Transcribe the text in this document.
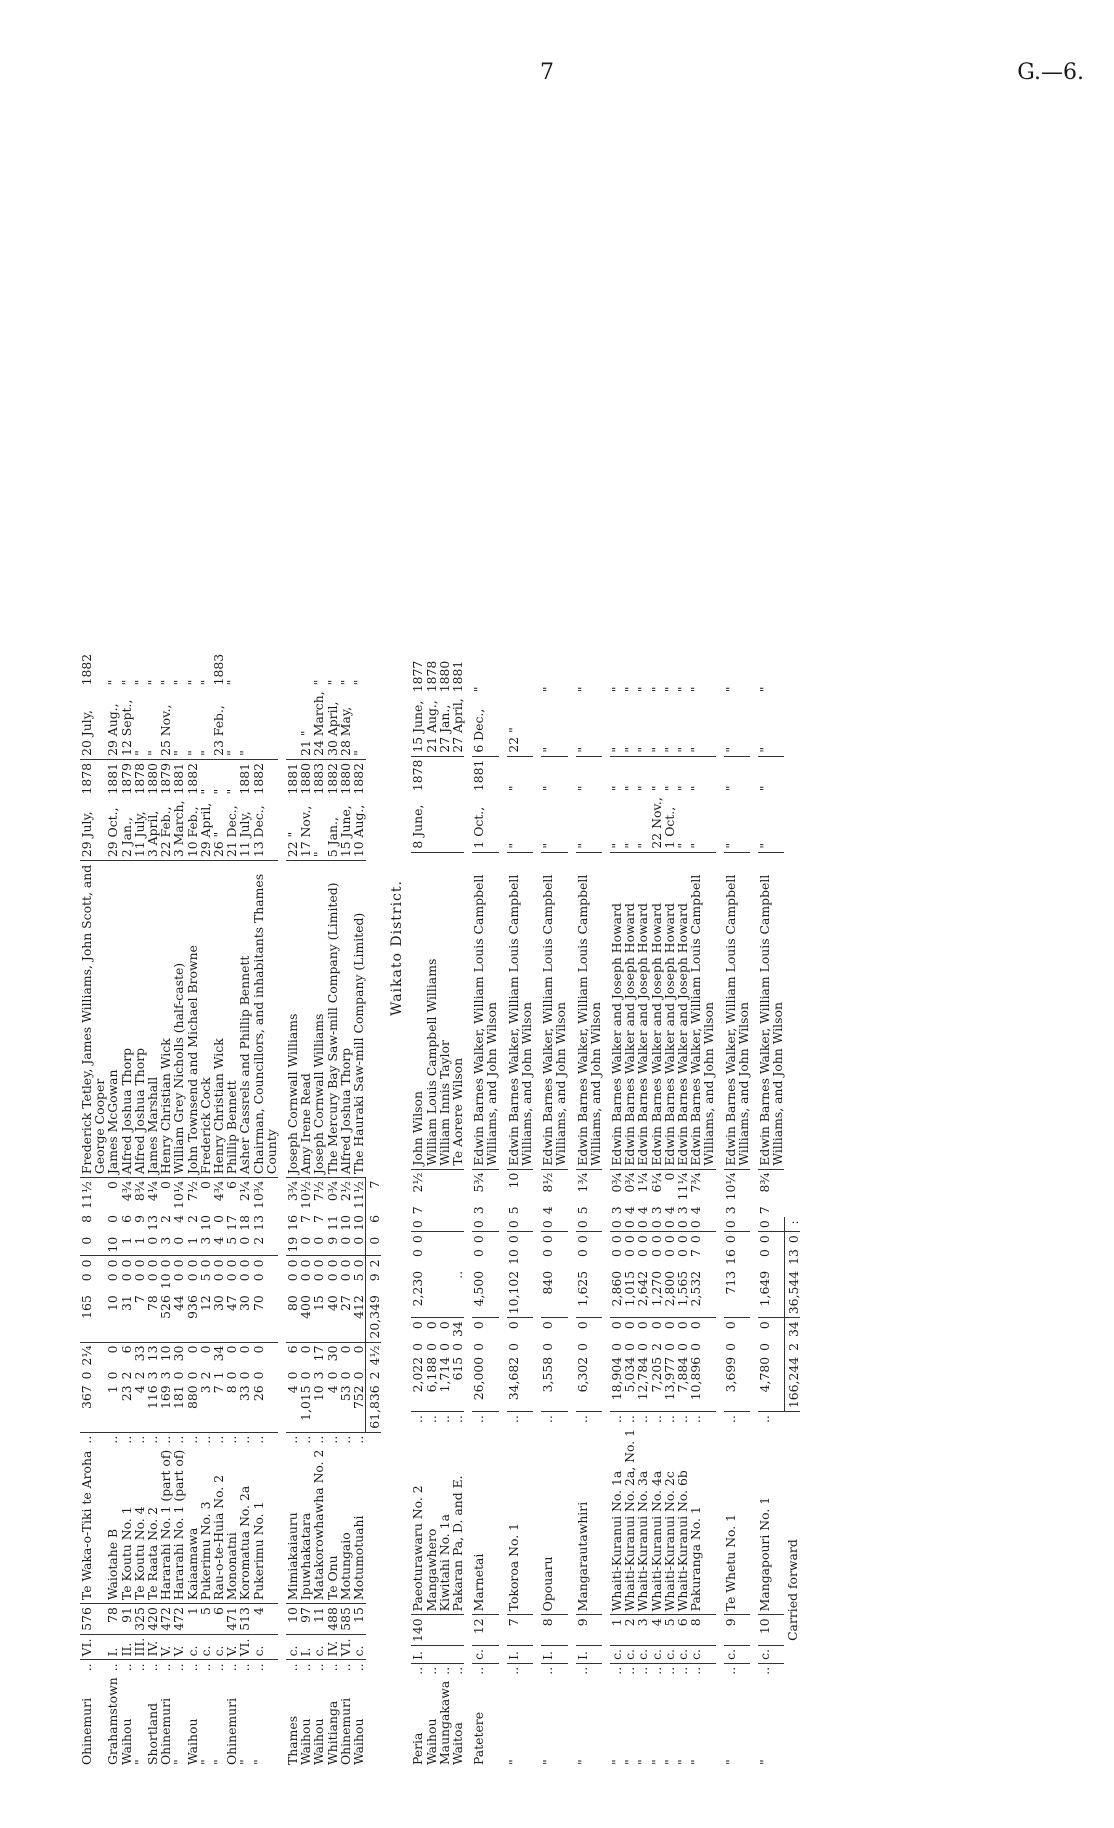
7	G.—6.
Ohinemuri	..	VI.	576	Te Waka-o-Tiki te Aroha	..	367	0	2¼	165	0	0	0	8	11½	Frederick Tetley, James Williams, John Scott, and George Cooper	29 July,	1878	20 July,	1882
Grahamstown	..	I.	78	Waiotahe B	..	1	0	0	10	0	0	10	0	0	James McGowan	29 Oct.,	1881	29 Aug.,	"
Waihou	..	II.	91	Te Koutu No. 1	..	23	2	6	31	0	0	1	6	4¾	Alfred Joshua Thorp	2 Jan.,	1879	12 Sept.,	"
"	..	III.	325	Te Koutu No. 4	..	4	2	33	7	0	0	1	9	8¾	Alfred Joshua Thorp	11 July,	1878	"	"
Shortland	..	IV.	420	Te Raata No. 2	..	116	3	13	78	0	0	0	13	4¼	James Marshall	3 April,	1880	"	"
Ohinemuri	..	V.	472	Hararahi No. 1 (part of)	..	169	3	10	526	10	0	3	2	0	Henry Christian Wick	22 Feb.,	1879	25 Nov.,	"
"	..	V.	472	Hararahi No. 1 (part of)	..	181	0	30	44	0	0	0	4	10¼	William Grey Nicholls (half-caste)	3 March,	1881	"	"
Waihou	..	c.	1	Kaiaamawa	..	880	0	0	936	0	0	1	2	7½	John Townsend and Michael Browne	10 Feb.,	1882	"	"
"	..	c.	5	Pukerimu No. 3	..	3	2	0	12	5	0	3	10	0	Frederick Cock	29 April,	"	"	"
"	..	c.	6	Rau-o-te-Huia No. 2	..	7	1	34	30	0	0	4	0	4¾	Henry Christian Wick	26 "	"	23 Feb.,	1883
Ohinemuri	..	V.	471	Mononatni	..	8	0	0	47	0	0	5	17	6	Phillip Bennett	21 Dec.,	"	"	"
"	..	VI.	513	Koromatua No. 2a	..	33	0	0	30	0	0	0	18	2¼	Asher Cassrels and Phillip Bennett	11 July,	1881	"	
"	..	c.	4	Pukerimu No. 1	..	26	0	0	70	0	0	2	13	10¾	Chairman, Councillors, and inhabitants Thames County	13 Dec.,	1882		

Thames	..	c.	10	Mimiakaiauru	..	4	0	6	80	0	0	19	16	3¾	Joseph Cornwall Williams	22 "	1881		
Waihou	..	I.	97	Ipuwhakatara	..	1,015	0	0	400	0	0	0	7	10½	Amy Irene Read	17 Nov.,	1880	21 "	
Waihou	..	c.	11	Matakorowhawha No. 2	..	10	3	17	15	0	0	0	7	7½	Joseph Cornwall Williams	"	1883	24 March,	"
Whitianga	..	IV.	488	Te Onu	..	4	0	30	40	0	0	9	11	0¾	The Mercury Bay Saw-mill Company (Limited)	5 Jan.,	1882	30 April,	"
Ohinemuri	..	VI.	585	Motungaio	..	53	0	0	27	0	0	0	10	2½	Alfred Joshua Thorp	15 June,	1880	28 May,	"
Waihou	..	c.	15	Motumotuahi	..	752	0	0	412	5	0	0	10	11½	The Hauraki Saw-mill Company (Limited)	10 Aug.,	1882	"	"
						61,836	2	4½	20,349	9	2	0	6	7					
Waikato District.
Peria	..	I.	140	Paeoturawaru No. 2	..	2,022	0	0	2,230	0	0	0	7	2½	John Wilson	8 June,	1878	15 June,	1877
Waihou	..			Mangawhero	..	6,188	0	0							William Louis Campbell Williams			21 Aug.,	1878
Maungakawa	..			Kiwitahi No. 1a	..	1,714	0	0							William Innis Taylor			27 Jan.,	1880
Waitoa	..			Pakaran Pa, D. and E.	..	615	0	34	..						Te Aorere Wilson			27 April,	1881

Patetere	..	c.	12	Marnetai	..	26,000	0	0	4,500	0	0	0	3	5¾	Edwin Barnes Walker, William Louis Campbell Williams, and John Wilson	1 Oct.,	1881	6 Dec.,	"

"	..	I.	7	Tokoroa No. 1	..	34,682	0	0	10,102	10	0	0	5	10	Edwin Barnes Walker, William Louis Campbell Williams, and John Wilson	"	"	22 "	

"	..	I.	8	Opouaru	..	3,558	0	0	840	0	0	0	4	8½	Edwin Barnes Walker, William Louis Campbell Williams, and John Wilson	"	"	"	"

"	..	I.	9	Mangarautawhiri	..	6,302	0	0	1,625	0	0	0	5	1¾	Edwin Barnes Walker, William Louis Campbell Williams, and John Wilson	"	"	"	"

"	..	c.	1	Whaiti-Kuranui No. 1a	..	18,904	0	0	2,860	0	0	0	3	0¾	Edwin Barnes Walker and Joseph Howard	"	"	"	"
"	..	c.	2	Whaiti-Kuranui No. 2a, No. 1	..	5,034	0	0	1,015	0	0	0	4	0¾	Edwin Barnes Walker and Joseph Howard	"	"	"	"
"	..	c.	3	Whaiti-Kuranui No. 3a	..	12,784	0	0	2,642	0	0	0	4	1¼	Edwin Barnes Walker and Joseph Howard	"	"	"	"
"	..	c.	4	Whaiti-Kuranui No. 4a	..	7,205	2	0	1,270	0	0	0	3	6¼	Edwin Barnes Walker and Joseph Howard	22 Nov.,	"	"	"
"	..	c.	5	Whaiti-Kuranui No. 2c	..	13,977	0	0	2,800	0	0	0	4	0	Edwin Barnes Walker and Joseph Howard	1 Oct.,	"	"	"
"	..	c.	6	Whaiti-Kuranui No. 6b	..	7,884	0	0	1,565	0	0	0	3	11¼	Edwin Barnes Walker and Joseph Howard	"	"	"	"
"	..	c.	8	Pakuranga No. 1	..	10,896	0	0	2,532	7	0	0	4	7¾	Edwin Barnes Walker, William Louis Campbell Williams, and John Wilson	"	"	"	"

"	..	c.	9	Te Whetu No. 1	..	3,699	0	0	713	16	0	0	3	10¼	Edwin Barnes Walker, William Louis Campbell Williams, and John Wilson	"	"	"	"

"	..	c.	10	Mangapouri No. 1	..	4,780	0	0	1,649	0	0	0	7	8¾	Edwin Barnes Walker, William Louis Campbell Williams, and John Wilson	"	"	"	"
Carried forward						166,244	2	34	36,544	13	0	:							
